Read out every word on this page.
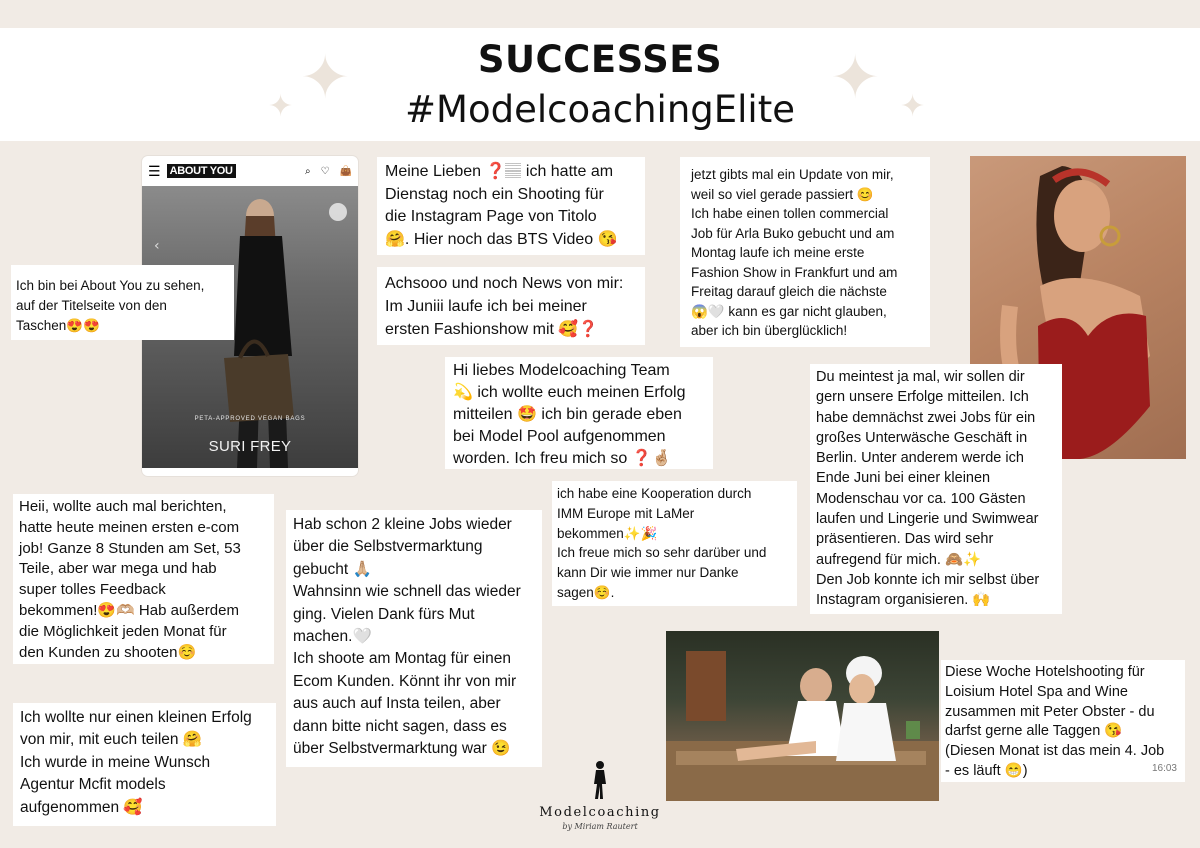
✦
✦	✦ ✦
SUCCESSES
#ModelcoachingElite
☰ ABOUT YOU	⌕ ♡ 👜
‹
PETA-APPROVED VEGAN BAGS
SURI FREY

Ich bin bei About You zu sehen,
auf der Titelseite von den
Taschen😍😍

Meine Lieben ❓🏽 ich hatte am
Dienstag noch ein Shooting für
die Instagram Page von Titolo
🤗. Hier noch das BTS Video 😘

Achsooo und noch News von mir:
Im Juniii laufe ich bei meiner
ersten Fashionshow mit 🥰❓

jetzt gibts mal ein Update von mir,
weil so viel gerade passiert 😊
Ich habe einen tollen commercial
Job für Arla Buko gebucht und am
Montag laufe ich meine erste
Fashion Show in Frankfurt und am
Freitag darauf gleich die nächste
😱🤍 kann es gar nicht glauben,
aber ich bin überglücklich!

Hi liebes Modelcoaching Team
💫 ich wollte euch meinen Erfolg
mitteilen 🤩 ich bin gerade eben
bei Model Pool aufgenommen
worden. Ich freu mich so ❓🤞🏼

Du meintest ja mal, wir sollen dir
gern unsere Erfolge mitteilen. Ich
habe demnächst zwei Jobs für ein
großes Unterwäsche Geschäft in
Berlin. Unter anderem werde ich
Ende Juni bei einer kleinen
Modenschau vor ca. 100 Gästen
laufen und Lingerie und Swimwear
präsentieren. Das wird sehr
aufregend für mich. 🙈✨
Den Job konnte ich mir selbst über
Instagram organisieren. 🙌

Heii, wollte auch mal berichten,
hatte heute meinen ersten e-com
job! Ganze 8 Stunden am Set, 53
Teile, aber war mega und hab
super tolles Feedback
bekommen!😍🫶🏼 Hab außerdem
die Möglichkeit jeden Monat für
den Kunden zu shooten☺️

Hab schon 2 kleine Jobs wieder
über die Selbstvermarktung
gebucht 🙏🏼
Wahnsinn wie schnell das wieder
ging. Vielen Dank fürs Mut
machen.🤍
Ich shoote am Montag für einen
Ecom Kunden. Könnt ihr von mir
aus auch auf Insta teilen, aber
dann bitte nicht sagen, dass es
über Selbstvermarktung war 😉

ich habe eine Kooperation durch
IMM Europe mit LaMer
bekommen✨🎉
Ich freue mich so sehr darüber und
kann Dir wie immer nur Danke
sagen☺️.

Ich wollte nur einen kleinen Erfolg
von mir, mit euch teilen 🤗
Ich wurde in meine Wunsch
Agentur Mcfit models
aufgenommen 🥰

Diese Woche Hotelshooting für
Loisium Hotel Spa and Wine
zusammen mit Peter Obster - du
darfst gerne alle Taggen 😘
(Diesen Monat ist das mein 4. Job
- es läuft 😁)	16:03
Modelcoaching
by Miriam Rautert
